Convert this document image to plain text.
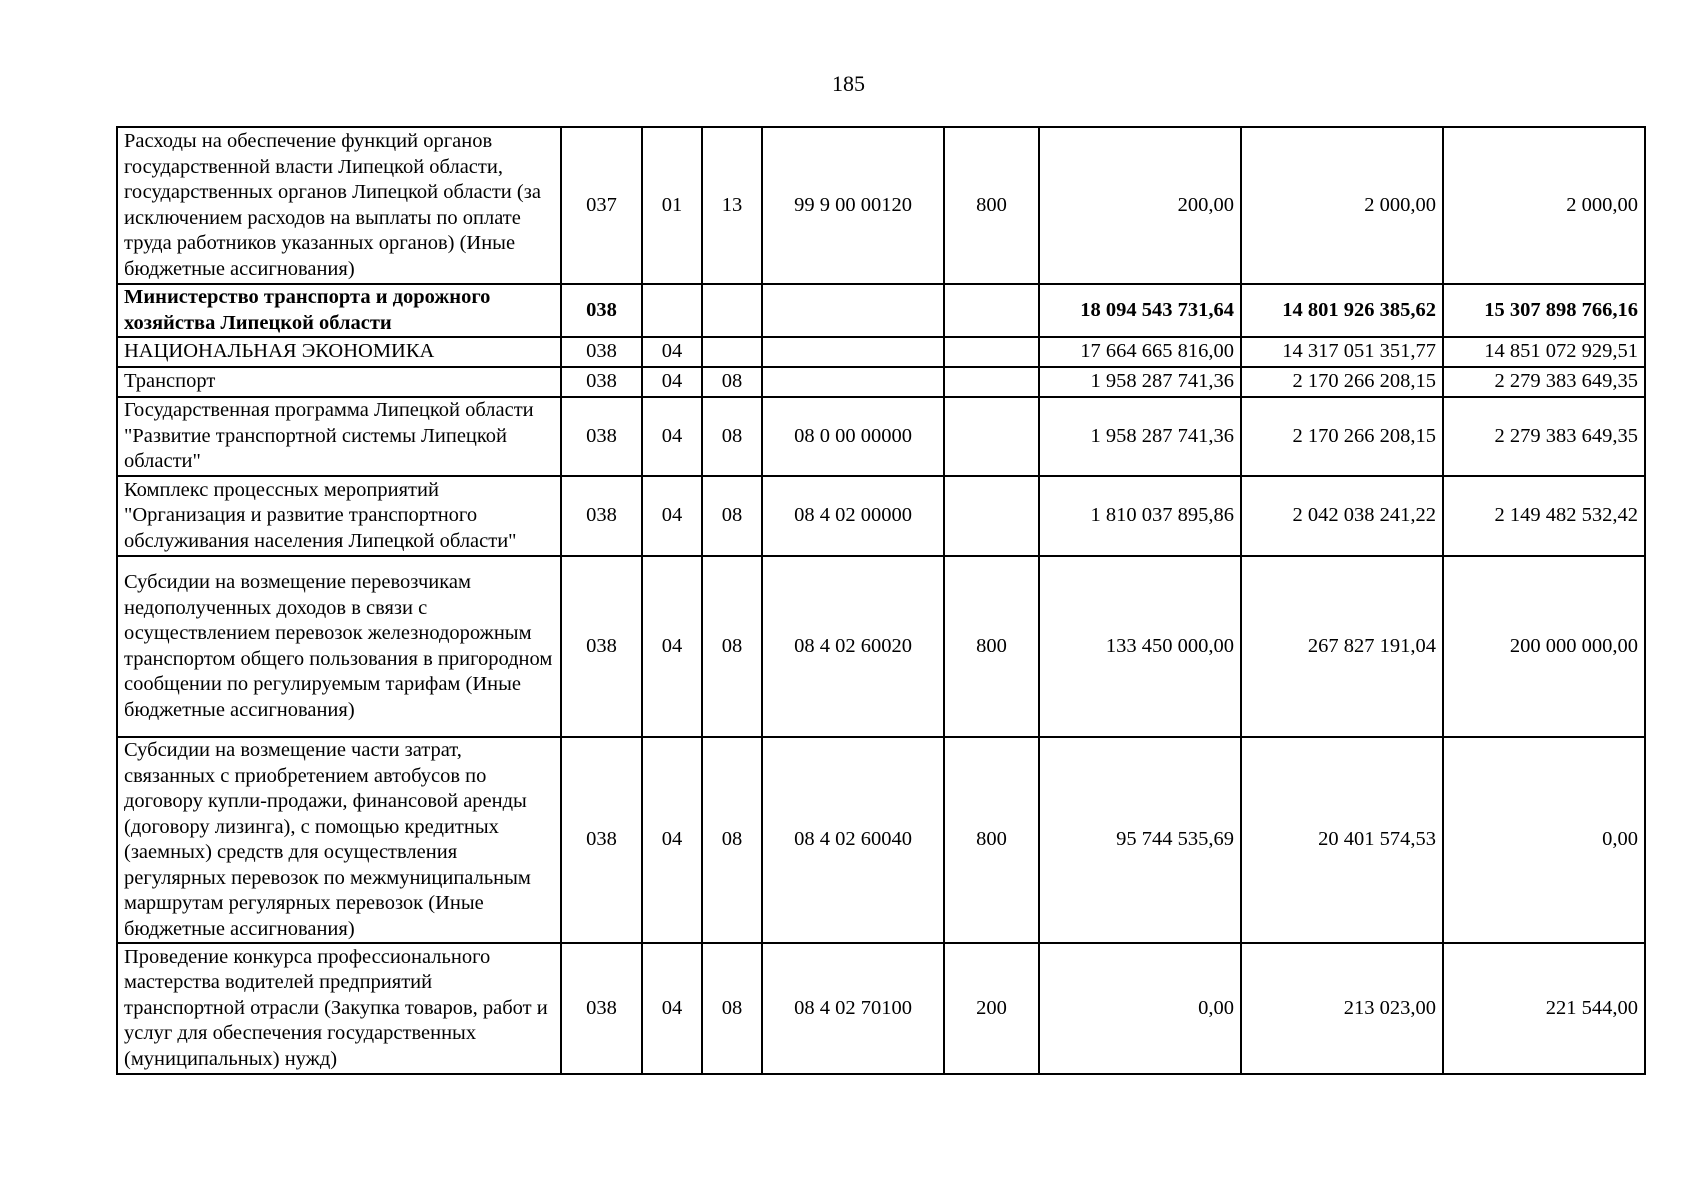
185
Расходы на обеспечение функций органов государственной власти Липецкой области, государственных органов Липецкой области (за исключением расходов на выплаты по оплате труда работников указанных органов) (Иные бюджетные ассигнования)	037	01	13	99 9 00 00120	800	200,00	2 000,00	2 000,00
Министерство транспорта и дорожного хозяйства Липецкой области	038					18 094 543 731,64	14 801 926 385,62	15 307 898 766,16
НАЦИОНАЛЬНАЯ ЭКОНОМИКА	038	04				17 664 665 816,00	14 317 051 351,77	14 851 072 929,51
Транспорт	038	04	08			1 958 287 741,36	2 170 266 208,15	2 279 383 649,35
Государственная программа Липецкой области "Развитие транспортной системы Липецкой области"	038	04	08	08 0 00 00000		1 958 287 741,36	2 170 266 208,15	2 279 383 649,35
Комплекс процессных мероприятий "Организация и развитие транспортного обслуживания населения Липецкой области"	038	04	08	08 4 02 00000		1 810 037 895,86	2 042 038 241,22	2 149 482 532,42
Субсидии на возмещение перевозчикам недополученных доходов в связи с осуществлением перевозок железнодорожным транспортом общего пользования в пригородном сообщении по регулируемым тарифам (Иные бюджетные ассигнования)	038	04	08	08 4 02 60020	800	133 450 000,00	267 827 191,04	200 000 000,00
Субсидии на возмещение части затрат, связанных с приобретением автобусов по договору купли-продажи, финансовой аренды (договору лизинга), с помощью кредитных (заемных) средств для осуществления регулярных перевозок по межмуниципальным маршрутам регулярных перевозок (Иные бюджетные ассигнования)	038	04	08	08 4 02 60040	800	95 744 535,69	20 401 574,53	0,00
Проведение конкурса профессионального мастерства водителей предприятий транспортной отрасли (Закупка товаров, работ и услуг для обеспечения государственных (муниципальных) нужд)	038	04	08	08 4 02 70100	200	0,00	213 023,00	221 544,00
